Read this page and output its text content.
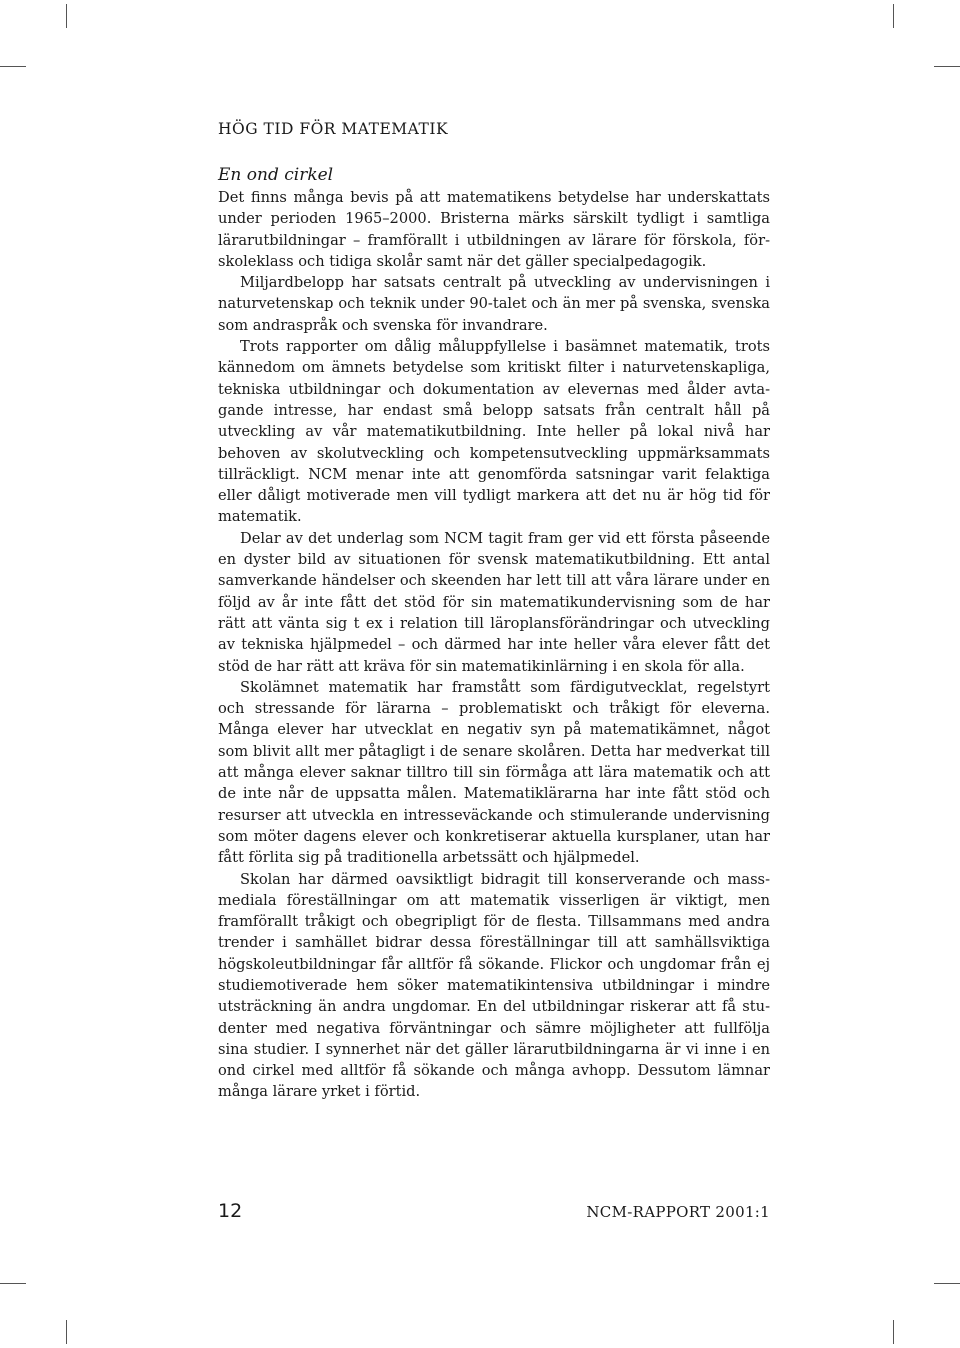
HÖG TID FÖR MATEMATIK
En ond cirkel

Det finns många bevis på att matematikens betydelse har underskattats under perioden 1965–2000. Bristerna märks särskilt tydligt i samtliga lärarutbildningar – framförallt i utbildningen av lärare för förskola, förskoleklass och tidiga skolår samt när det gäller specialpedagogik.

Miljardbelopp har satsats centralt på utveckling av undervisningen i naturvetenskap och teknik under 90-talet och än mer på svenska, svenska som andraspråk och svenska för invandrare.

Trots rapporter om dålig måluppfyllelse i basämnet matematik, trots kännedom om ämnets betydelse som kritiskt filter i naturvetenskapliga, tekniska utbildningar och dokumentation av elevernas med ålder avtagande intresse, har endast små belopp satsats från centralt håll på utveckling av vår matematikutbildning. Inte heller på lokal nivå har behoven av skolutveckling och kompetensutveckling uppmärksammats tillräckligt. NCM menar inte att genomförda satsningar varit felaktiga eller dåligt motiverade men vill tydligt markera att det nu är hög tid för matematik.

Delar av det underlag som NCM tagit fram ger vid ett första påseende en dyster bild av situationen för svensk matematikutbildning. Ett antal samverkande händelser och skeenden har lett till att våra lärare under en följd av år inte fått det stöd för sin matematikundervisning som de har rätt att vänta sig t ex i relation till läroplansförändringar och utveckling av tekniska hjälpmedel – och därmed har inte heller våra elever fått det stöd de har rätt att kräva för sin matematikinlärning i en skola för alla.

Skolämnet matematik har framstått som färdigutvecklat, regelstyrt och stressande för lärarna – problematiskt och tråkigt för eleverna. Många elever har utvecklat en negativ syn på matematikämnet, något som blivit allt mer påtagligt i de senare skolåren. Detta har medverkat till att många elever saknar tilltro till sin förmåga att lära matematik och att de inte når de uppsatta målen. Matematiklärarna har inte fått stöd och resurser att utveckla en intresseväckande och stimulerande undervisning som möter dagens elever och konkretiserar aktuella kursplaner, utan har fått förlita sig på traditionella arbetssätt och hjälpmedel.

Skolan har därmed oavsiktligt bidragit till konserverande och massmediala föreställningar om att matematik visserligen är viktigt, men framförallt tråkigt och obegripligt för de flesta. Tillsammans med andra trender i samhället bidrar dessa föreställningar till att samhällsviktiga högskoleutbildningar får alltför få sökande. Flickor och ungdomar från ej studiemotiverade hem söker matematikintensiva utbildningar i mindre utsträckning än andra ungdomar. En del utbildningar riskerar att få studenter med negativa förväntningar och sämre möjligheter att fullfölja sina studier. I synnerhet när det gäller lärarutbildningarna är vi inne i en ond cirkel med alltför få sökande och många avhopp. Dessutom lämnar många lärare yrket i förtid.

12	NCM-RAPPORT 2001:1
